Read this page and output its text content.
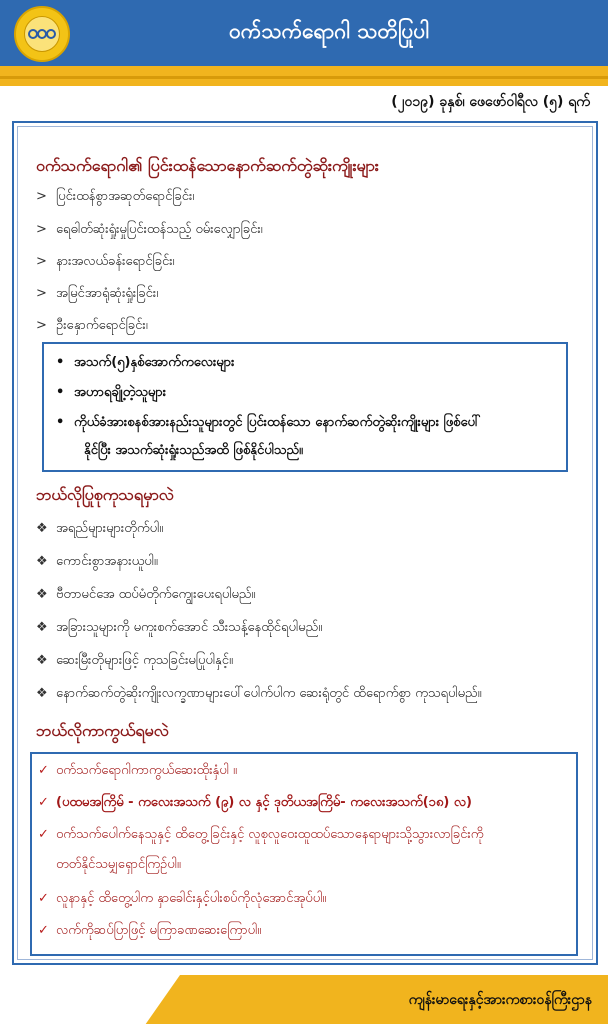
ဝက်သက်ရောဂါ သတိပြုပါ
(၂၀၁၉) ခုနှစ်၊ ဖေဖော်ဝါရီလ (၅) ရက်
ဝက်သက်ရောဂါ၏ ပြင်းထန်သောနောက်ဆက်တွဲဆိုးကျိုးများ
> ပြင်းထန်စွာအဆုတ်ရောင်ခြင်း၊
> ရေဓါတ်ဆုံးရှုံးမှုပြင်းထန်သည့် ဝမ်းလျှောခြင်း၊
> နားအလယ်ခန်းရောင်ခြင်း၊
> အမြင်အာရုံဆုံးရှုံးခြင်း၊
> ဦးနှောက်ရောင်ခြင်း၊
• အသက်(၅)နှစ်အောက်ကလေးများ
• အဟာရချို့တဲ့သူများ
• ကိုယ်ခံအားစနစ်အားနည်းသူများတွင် ပြင်းထန်သော နောက်ဆက်တွဲဆိုးကျိုးများ ဖြစ်ပေါ်
နိုင်ပြီး အသက်ဆုံးရှုံးသည်အထိ ဖြစ်နိုင်ပါသည်။
ဘယ်လိုပြုစုကုသရမှာလဲ
❖ အရည်များများတိုက်ပါ။
❖ ကောင်းစွာအနားယူပါ။
❖ ဗီတာမင်အေ ထပ်မံတိုက်ကျွေးပေးရပါမည်။
❖ အခြားသူများကို မကူးစက်အောင် သီးသန့်နေထိုင်ရပါမည်။
❖ ဆေးမြီးတိုများဖြင့် ကုသခြင်းမပြုပါနှင့်။
❖ နောက်ဆက်တွဲဆိုးကျိုးလက္ခဏာများပေါ်ပေါက်ပါက ဆေးရုံတွင် ထိရောက်စွာ ကုသရပါမည်။
ဘယ်လိုကာကွယ်ရမလဲ
✓ ဝက်သက်ရောဂါကာကွယ်ဆေးထိုးနှံပါ ။
✓ (ပထမအကြိမ် - ကလေးအသက် (၉) လ နှင့် ဒုတိယအကြိမ်- ကလေးအသက်(၁၈) လ)
✓ ဝက်သက်ပေါက်နေသူနှင့် ထိတွေ့ခြင်းနှင့် လူစုလူဝေးထူထပ်သောနေရာများသို့သွားလာခြင်းကို
တတ်နိုင်သမျှရှောင်ကြဉ်ပါ။
✓ လူနာနှင့် ထိတွေ့ပါက နှာခေါင်းနှင့်ပါးစပ်ကိုလုံအောင်အုပ်ပါ။
✓ လက်ကိုဆပ်ပြာဖြင့် မကြာခဏဆေးကြောပါ။
ကျန်းမာရေးနှင့်အားကစားဝန်ကြီးဌာန
